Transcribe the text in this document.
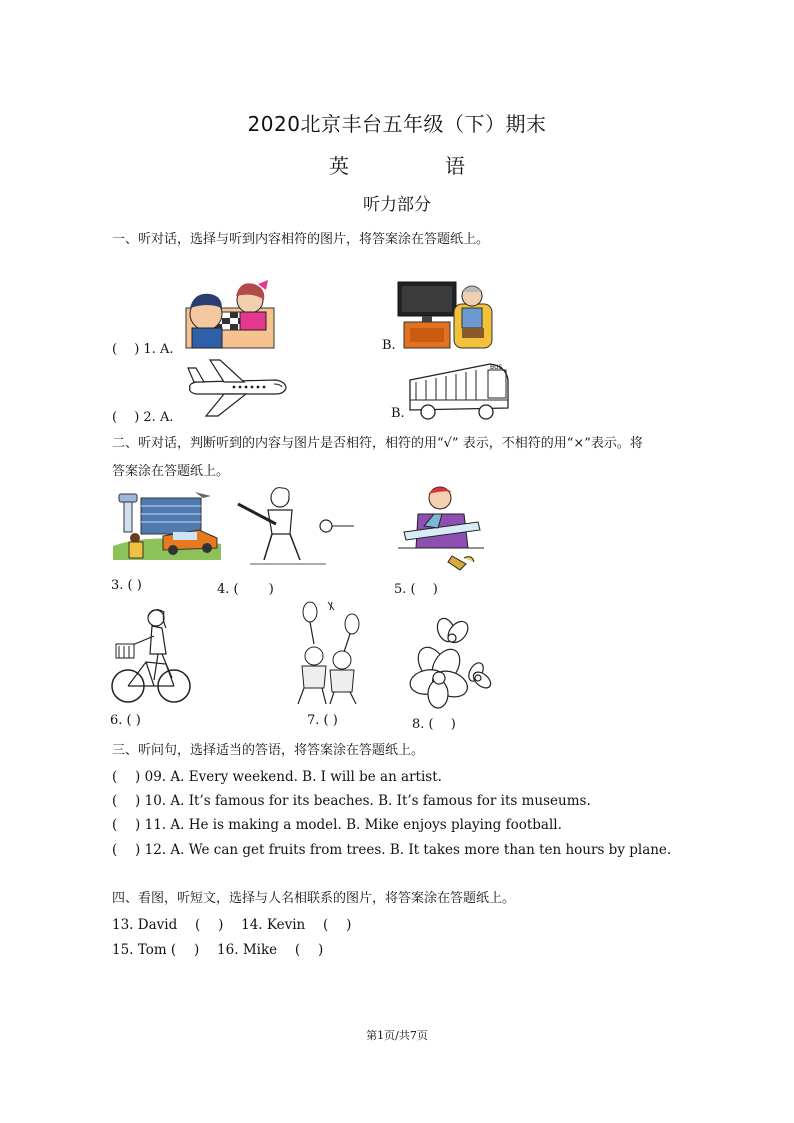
2020北京丰台五年级（下）期末
英　语
听力部分
一、听对话，选择与听到内容相符的图片，将答案涂在答题纸上。
(　 ) 1. A.	B.
(　 ) 2. A.	B.
BUS
二、听对话，判断听到的内容与图片是否相符，相符的用“√” 表示，不相符的用“×”表示。将
答案涂在答题纸上。
3. ( )	4. (　　 )	5. (　 )
6. ( )	7. ( )	8. (　 )
三、听问句，选择适当的答语，将答案涂在答题纸上。
(　 ) 09. A. Every weekend. B. I will be an artist.
(　 ) 10. A. It’s famous for its beaches. B. It’s famous for its museums.
(　 ) 11. A. He is making a model. B. Mike enjoys playing football.
(　 ) 12. A. We can get fruits from trees. B. It takes more than ten hours by plane.
四、看图，听短文，选择与人名相联系的图片，将答案涂在答题纸上。
13. David　 (　 )　 14. Kevin　 (　 )
15. Tom (　 )　 16. Mike　 (　 )
第1页/共7页
